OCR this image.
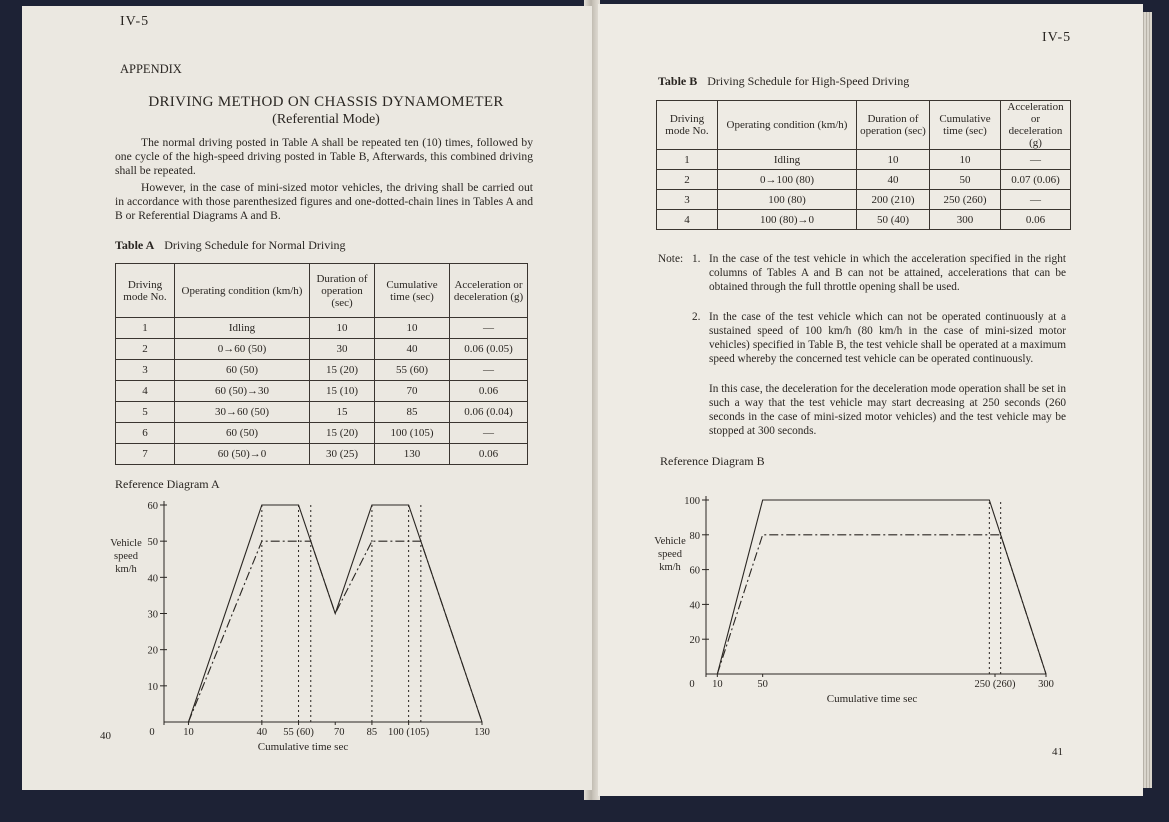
IV-5
APPENDIX
DRIVING METHOD ON CHASSIS DYNAMOMETER
(Referential Mode)
The normal driving posted in Table A shall be repeated ten (10) times, followed by one cycle of the high-speed driving posted in Table B, Afterwards, this combined driving shall be repeated.
However, in the case of mini-sized motor vehicles, the driving shall be carried out in accordance with those parenthesized figures and one-dotted-chain lines in Tables A and B or Referential Diagrams A and B.
Table A Driving Schedule for Normal Driving
Driving mode No.	Operating condition (km/h)	Duration of operation (sec)	Cumulative time (sec)	Acceleration or deceleration (g)
1	Idling	10	10	—
2	0→60 (50)	30	40	0.06 (0.05)
3	60 (50)	15 (20)	55 (60)	—
4	60 (50)→30	15 (10)	70	0.06
5	30→60 (50)	15	85	0.06 (0.04)
6	60 (50)	15 (20)	100 (105)	—
7	60 (50)→0	30 (25)	130	0.06
Reference Diagram A
10
20
30
40
50
60
0	10	40 55 (60) 70 85 100 (105)	130
Vehicle
speed
km/h
Cumulative time sec
40
IV-5
Table B Driving Schedule for High-Speed Driving
Driving mode No.	Operating condition (km/h)	Duration of operation (sec)	Cumulative time (sec)	Acceleration or deceleration (g)
1	Idling	10	10	—
2	0→100 (80)	40	50	0.07 (0.06)
3	100 (80)	200 (210)	250 (260)	—
4	100 (80)→0	50 (40)	300	0.06
Note: 1. In the case of the test vehicle in which the acceleration specified in the right columns of Tables A and B can not be attained, accelerations that can be obtained through the full throttle opening shall be used.
2. In the case of the test vehicle which can not be operated continuously at a sustained speed of 100 km/h (80 km/h in the case of mini-sized motor vehicles) specified in Table B, the test vehicle shall be operated at a maximum speed whereby the concerned test vehicle can be operated continuously.
In this case, the deceleration for the deceleration mode operation shall be set in such a way that the test vehicle may start decreasing at 250 seconds (260 seconds in the case of mini-sized motor vehicles) and the test vehicle may be stopped at 300 seconds.
Reference Diagram B
20
40
60
80
100
0 10	50	250 (260) 300
Vehicle
speed
km/h
Cumulative time sec
41
